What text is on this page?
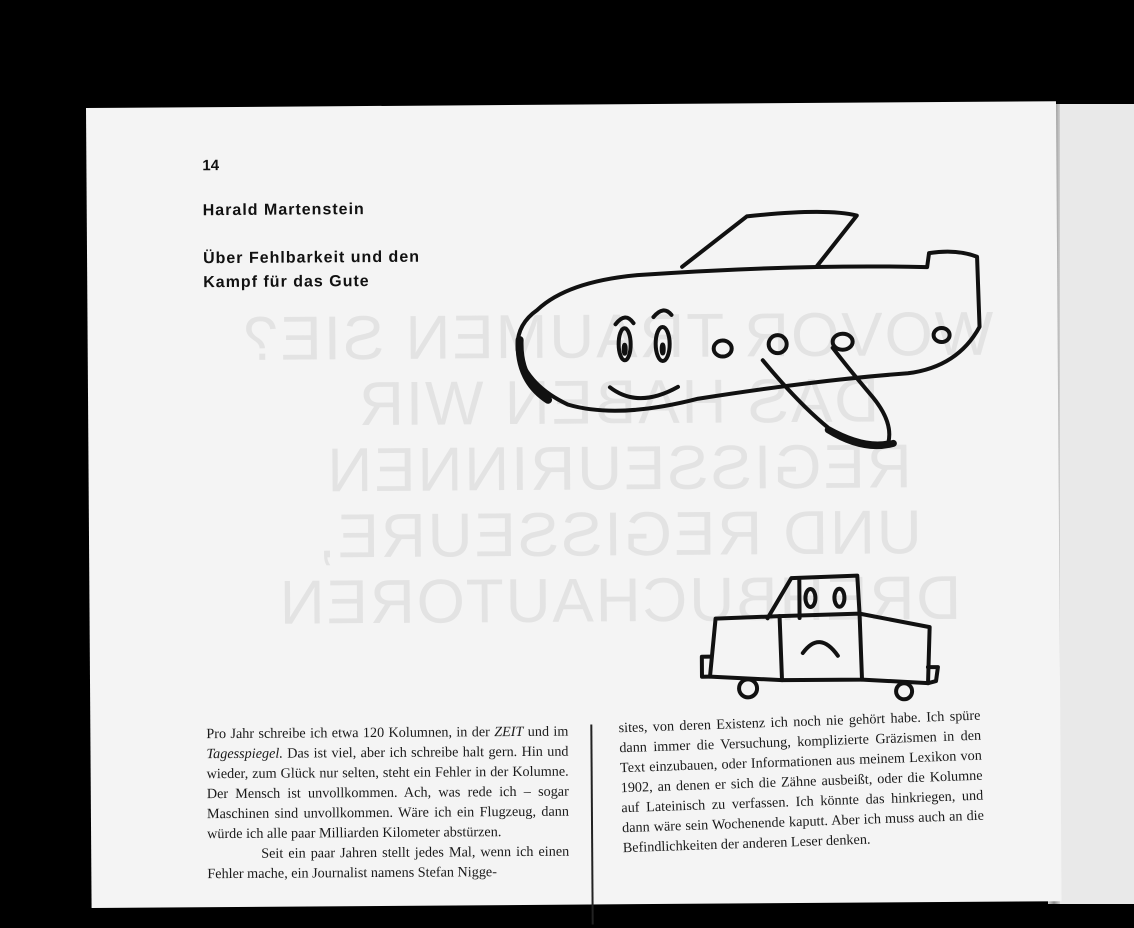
WOVOR TRAUMEN SIE?
DAS HABEN WIR
REGISSEURINNEN
UND REGISSEURE,
DREHBUCHAUTOREN
14
Harald Martenstein
Über Fehlbarkeit und den
Kampf für das Gute

Pro Jahr schreibe ich etwa 120 Kolumnen, in der ZEIT und im Tagesspiegel. Das ist viel, aber ich schreibe halt gern. Hin und wieder, zum Glück nur selten, steht ein Fehler in der Kolumne. Der Mensch ist unvollkommen. Ach, was rede ich – sogar Maschinen sind unvollkommen. Wäre ich ein Flugzeug, dann würde ich alle paar Milliarden Kilometer abstürzen.

Seit ein paar Jahren stellt jedes Mal, wenn ich einen Fehler mache, ein Journalist namens Stefan Nigge-

sites, von deren Existenz ich noch nie gehört habe. Ich spüre dann immer die Versuchung, komplizierte Gräzismen in den Text einzubauen, oder Informationen aus meinem Lexikon von 1902, an denen er sich die Zähne ausbeißt, oder die Kolumne auf Lateinisch zu verfassen. Ich könnte das hinkriegen, und dann wäre sein Wochenende kaputt. Aber ich muss auch an die Befindlichkeiten der anderen Leser denken.
